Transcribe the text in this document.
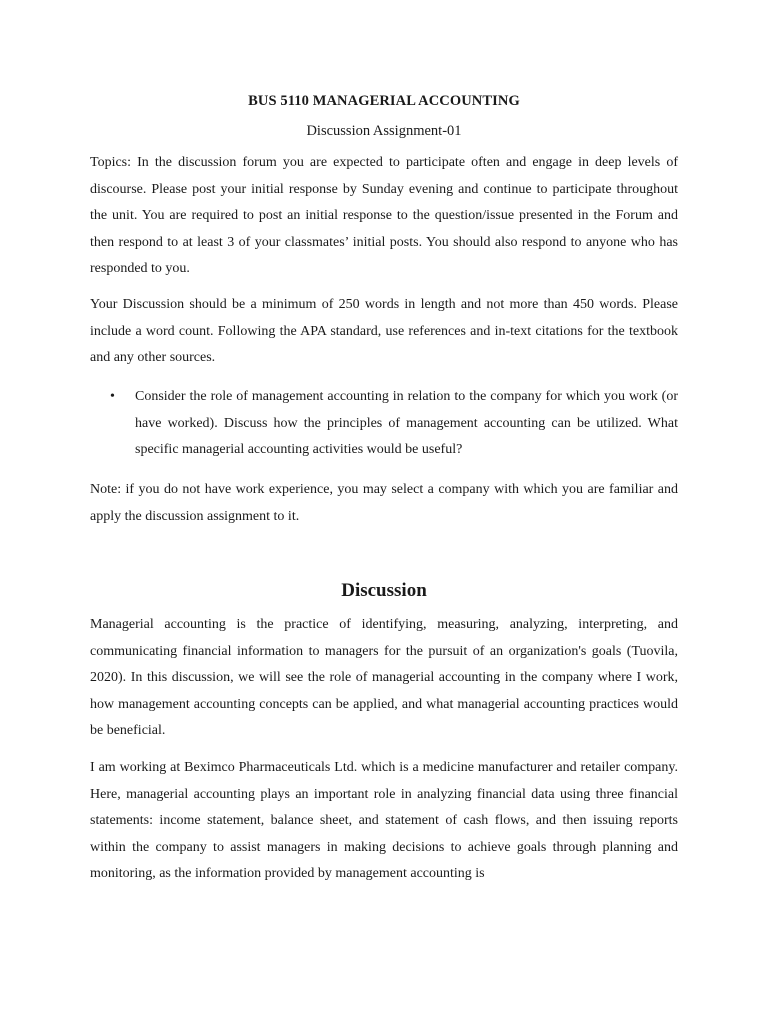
BUS 5110 MANAGERIAL ACCOUNTING
Discussion Assignment-01

Topics: In the discussion forum you are expected to participate often and engage in deep levels of discourse. Please post your initial response by Sunday evening and continue to participate throughout the unit. You are required to post an initial response to the question/issue presented in the Forum and then respond to at least 3 of your classmates’ initial posts. You should also respond to anyone who has responded to you.

Your Discussion should be a minimum of 250 words in length and not more than 450 words. Please include a word count. Following the APA standard, use references and in-text citations for the textbook and any other sources.

• Consider the role of management accounting in relation to the company for which you work (or have worked). Discuss how the principles of management accounting can be utilized. What specific managerial accounting activities would be useful?

Note: if you do not have work experience, you may select a company with which you are familiar and apply the discussion assignment to it.

Discussion

Managerial accounting is the practice of identifying, measuring, analyzing, interpreting, and communicating financial information to managers for the pursuit of an organization's goals (Tuovila, 2020). In this discussion, we will see the role of managerial accounting in the company where I work, how management accounting concepts can be applied, and what managerial accounting practices would be beneficial.

I am working at Beximco Pharmaceuticals Ltd. which is a medicine manufacturer and retailer company. Here, managerial accounting plays an important role in analyzing financial data using three financial statements: income statement, balance sheet, and statement of cash flows, and then issuing reports within the company to assist managers in making decisions to achieve goals through planning and monitoring, as the information provided by management accounting is
